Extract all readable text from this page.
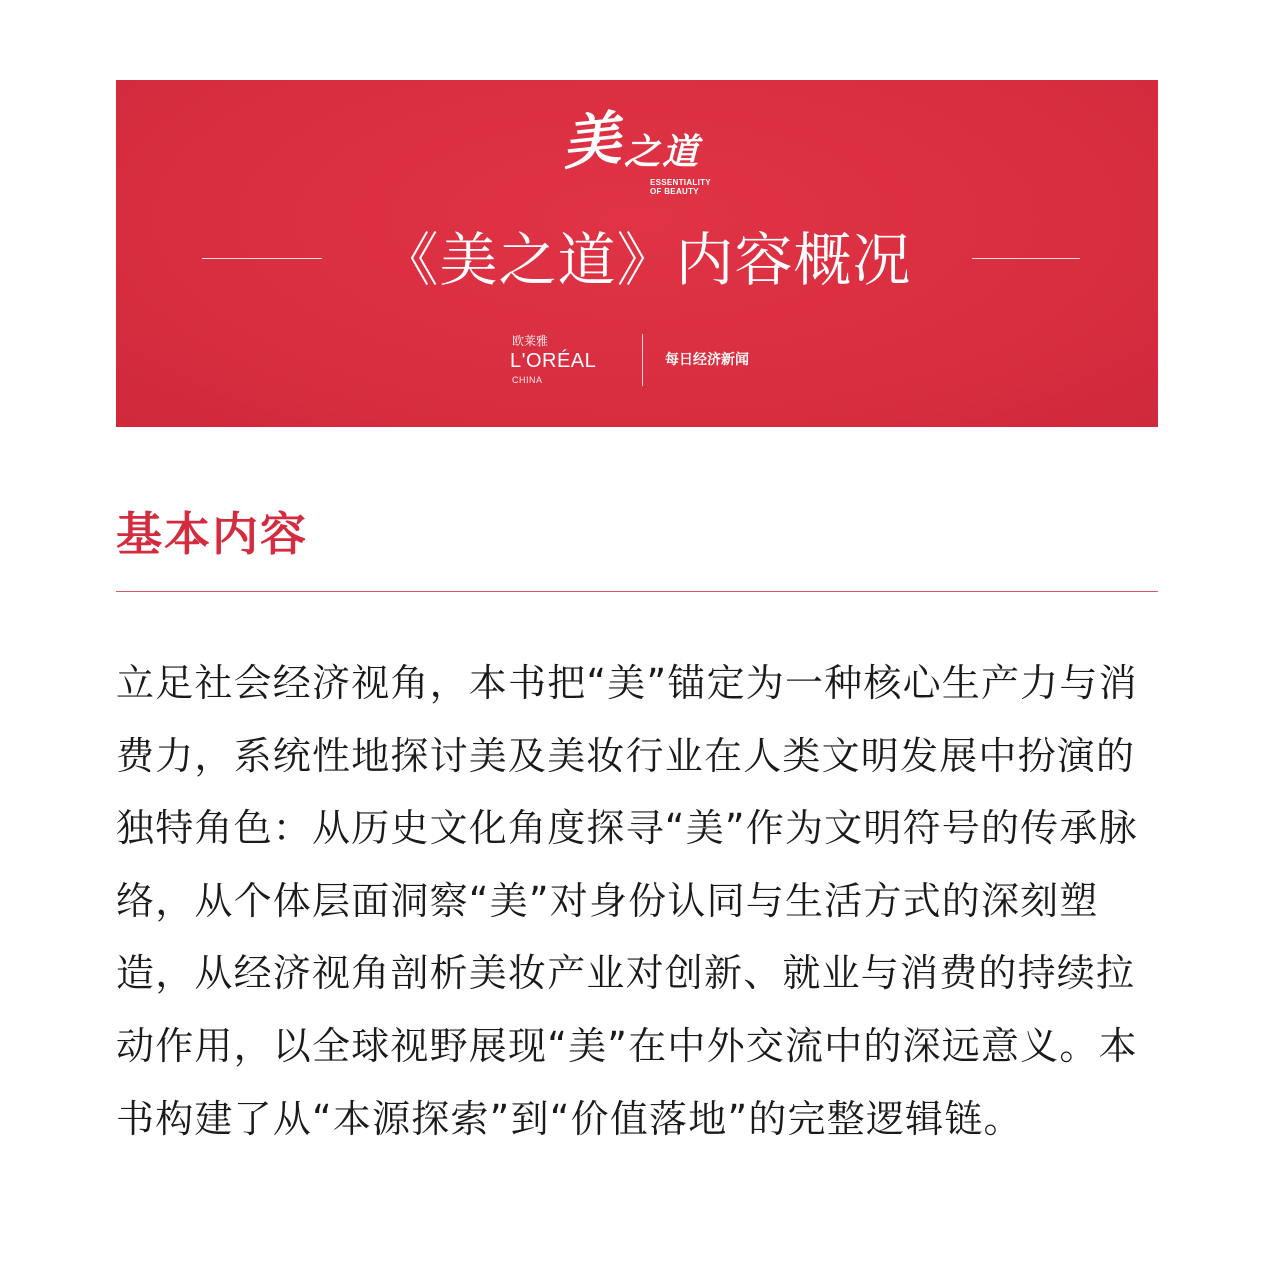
美 之道
ESSENTIALITY
OF BEAUTY
《美之道》内容概况
欧莱雅
L'ORÉAL
CHINA
每日经济新闻
基本内容

立足社会经济视角，本书把“美”锚定为一种核心生产力与消费力，系统性地探讨美及美妆行业在人类文明发展中扮演的独特角色：从历史文化角度探寻“美”作为文明符号的传承脉络，从个体层面洞察“美”对身份认同与生活方式的深刻塑造，从经济视角剖析美妆产业对创新、就业与消费的持续拉动作用，以全球视野展现“美”在中外交流中的深远意义。本书构建了从“本源探索”到“价值落地”的完整逻辑链。
